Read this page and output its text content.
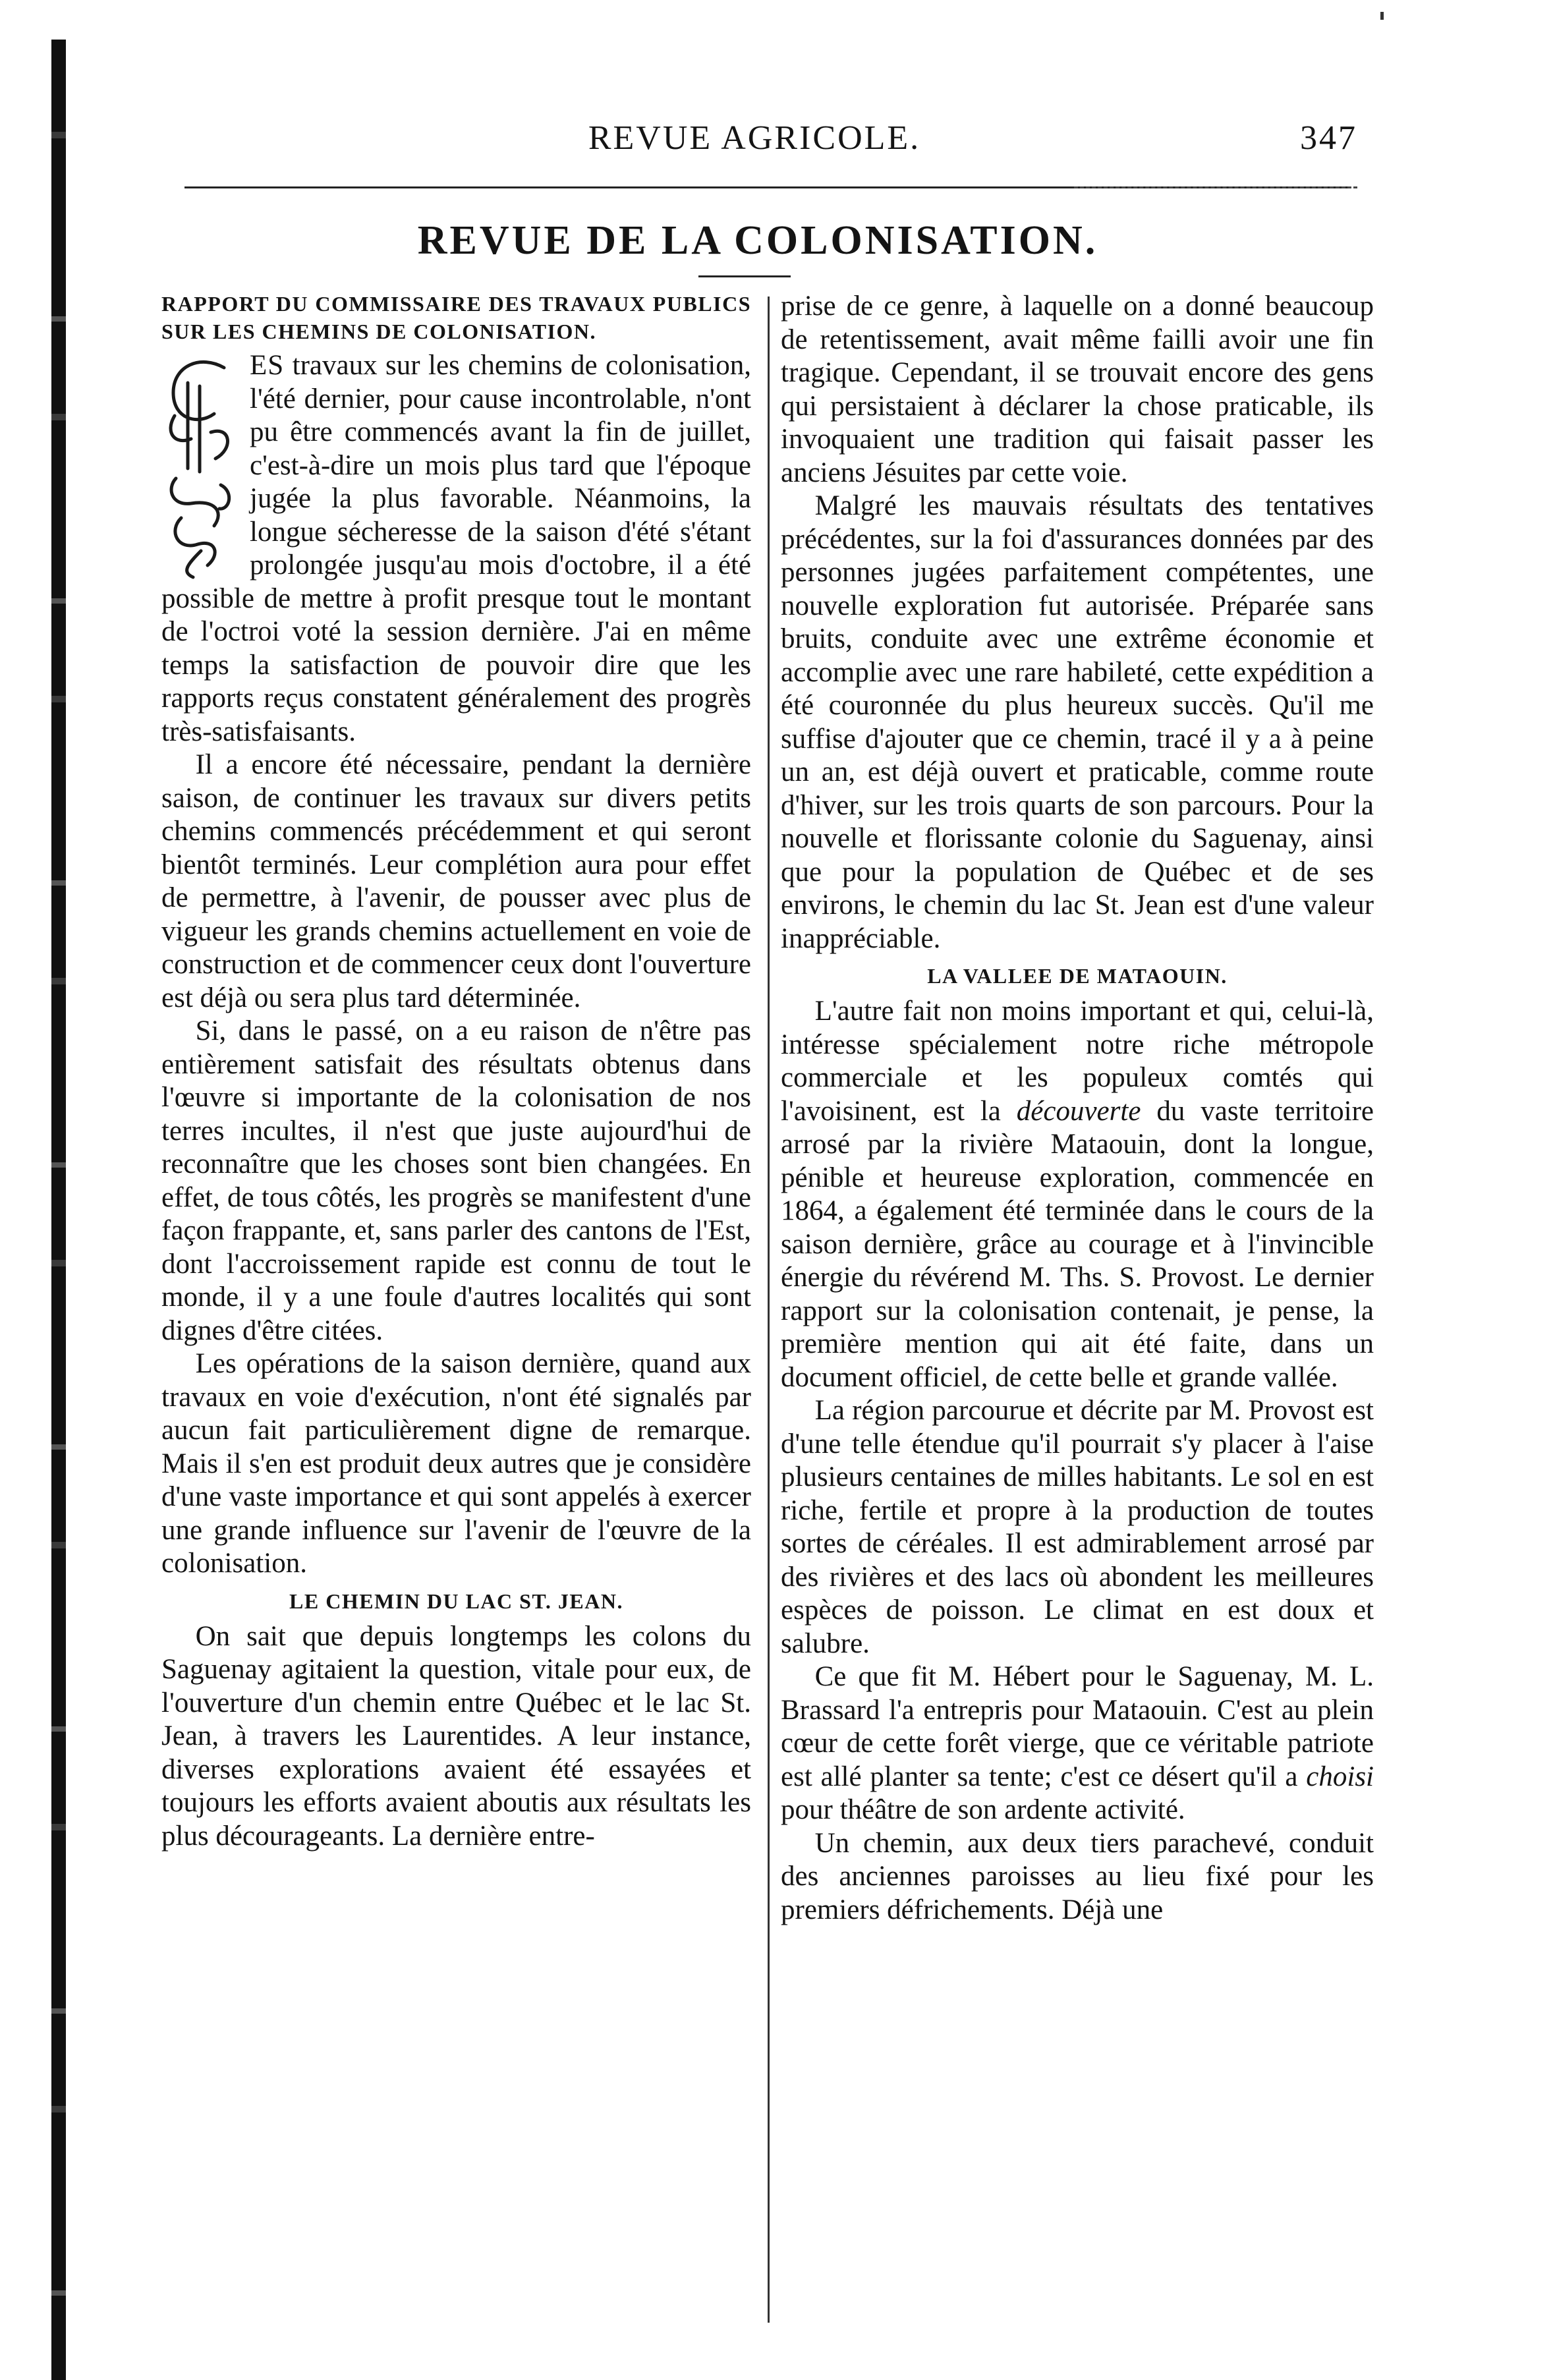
REVUE AGRICOLE.	347
REVUE DE LA COLONISATION.
RAPPORT DU COMMISSAIRE DES TRAVAUX PUBLICS SUR LES CHEMINS DE COLONISATION.

ES travaux sur les chemins de colonisation, l'été dernier, pour cause incontrolable, n'ont pu être commencés avant la fin de juillet, c'est-à-dire un mois plus tard que l'époque jugée la plus favorable. Néanmoins, la longue sécheresse de la saison d'été s'étant prolongée jusqu'au mois d'octobre, il a été possible de mettre à profit presque tout le montant de l'octroi voté la session dernière. J'ai en même temps la satisfaction de pouvoir dire que les rapports reçus constatent généralement des progrès très-satisfaisants.

Il a encore été nécessaire, pendant la dernière saison, de continuer les travaux sur divers petits chemins commencés précédemment et qui seront bientôt terminés. Leur complétion aura pour effet de permettre, à l'avenir, de pousser avec plus de vigueur les grands chemins actuellement en voie de construction et de commencer ceux dont l'ouverture est déjà ou sera plus tard déterminée.

Si, dans le passé, on a eu raison de n'être pas entièrement satisfait des résultats obtenus dans l'œuvre si importante de la colonisation de nos terres incultes, il n'est que juste aujourd'hui de reconnaître que les choses sont bien changées. En effet, de tous côtés, les progrès se manifestent d'une façon frappante, et, sans parler des cantons de l'Est, dont l'accroissement rapide est connu de tout le monde, il y a une foule d'autres localités qui sont dignes d'être citées.

Les opérations de la saison dernière, quand aux travaux en voie d'exécution, n'ont été signalés par aucun fait particulièrement digne de remarque. Mais il s'en est produit deux autres que je considère d'une vaste importance et qui sont appelés à exercer une grande influence sur l'avenir de l'œuvre de la colonisation.

LE CHEMIN DU LAC ST. JEAN.

On sait que depuis longtemps les colons du Saguenay agitaient la question, vitale pour eux, de l'ouverture d'un chemin entre Québec et le lac St. Jean, à travers les Laurentides. A leur instance, diverses explorations avaient été essayées et toujours les efforts avaient aboutis aux résultats les plus décourageants. La dernière entre-

prise de ce genre, à laquelle on a donné beaucoup de retentissement, avait même failli avoir une fin tragique. Cependant, il se trouvait encore des gens qui persistaient à déclarer la chose praticable, ils invoquaient une tradition qui faisait passer les anciens Jésuites par cette voie.

Malgré les mauvais résultats des tentatives précédentes, sur la foi d'assurances données par des personnes jugées parfaitement compétentes, une nouvelle exploration fut autorisée. Préparée sans bruits, conduite avec une extrême économie et accomplie avec une rare habileté, cette expédition a été couronnée du plus heureux succès. Qu'il me suffise d'ajouter que ce chemin, tracé il y a à peine un an, est déjà ouvert et praticable, comme route d'hiver, sur les trois quarts de son parcours. Pour la nouvelle et florissante colonie du Saguenay, ainsi que pour la population de Québec et de ses environs, le chemin du lac St. Jean est d'une valeur inappréciable.

LA VALLEE DE MATAOUIN.

L'autre fait non moins important et qui, celui-là, intéresse spécialement notre riche métropole commerciale et les populeux comtés qui l'avoisinent, est la découverte du vaste territoire arrosé par la rivière Mataouin, dont la longue, pénible et heureuse exploration, commencée en 1864, a également été terminée dans le cours de la saison dernière, grâce au courage et à l'invincible énergie du révérend M. Ths. S. Provost. Le dernier rapport sur la colonisation contenait, je pense, la première mention qui ait été faite, dans un document officiel, de cette belle et grande vallée.

La région parcourue et décrite par M. Provost est d'une telle étendue qu'il pourrait s'y placer à l'aise plusieurs centaines de milles habitants. Le sol en est riche, fertile et propre à la production de toutes sortes de céréales. Il est admirablement arrosé par des rivières et des lacs où abondent les meilleures espèces de poisson. Le climat en est doux et salubre.

Ce que fit M. Hébert pour le Saguenay, M. L. Brassard l'a entrepris pour Mataouin. C'est au plein cœur de cette forêt vierge, que ce véritable patriote est allé planter sa tente; c'est ce désert qu'il a choisi pour théâtre de son ardente activité.

Un chemin, aux deux tiers parachevé, conduit des anciennes paroisses au lieu fixé pour les premiers défrichements. Déjà une
